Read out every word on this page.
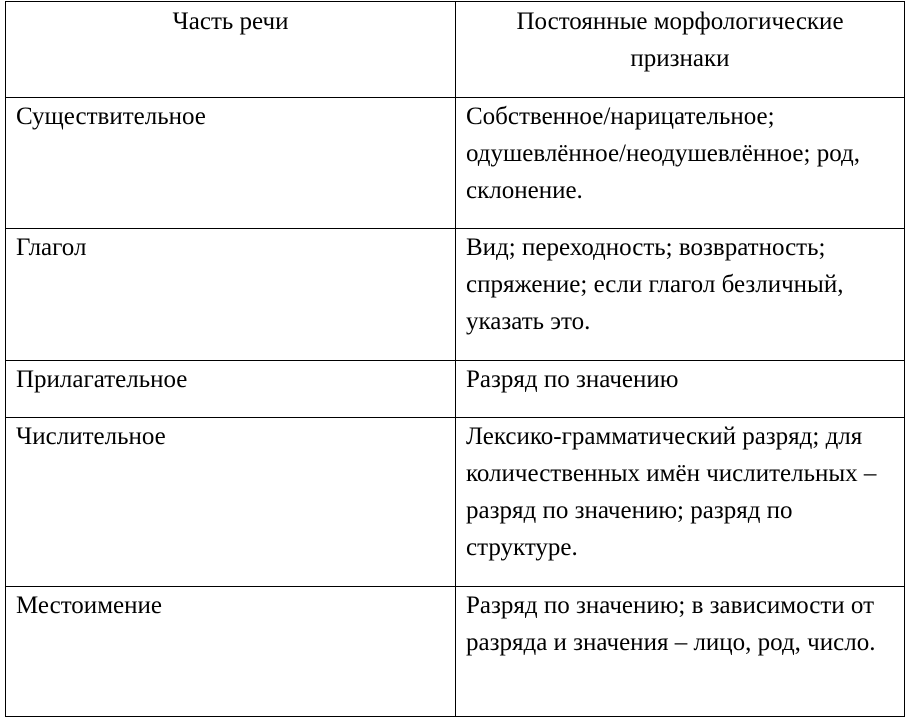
Часть речи	Постоянные морфологические признаки

Существительное	Собственное/нарицательное; одушевлённое/неодушевлённое; род, склонение.

Глагол	Вид; переходность; возвратность; спряжение; если глагол безличный, указать это.

Прилагательное	Разряд по значению

Числительное	Лексико-грамматический разряд; для количественных имён числительных – разряд по значению; разряд по структуре.

Местоимение	Разряд по значению; в зависимости от разряда и значения – лицо, род, число.
